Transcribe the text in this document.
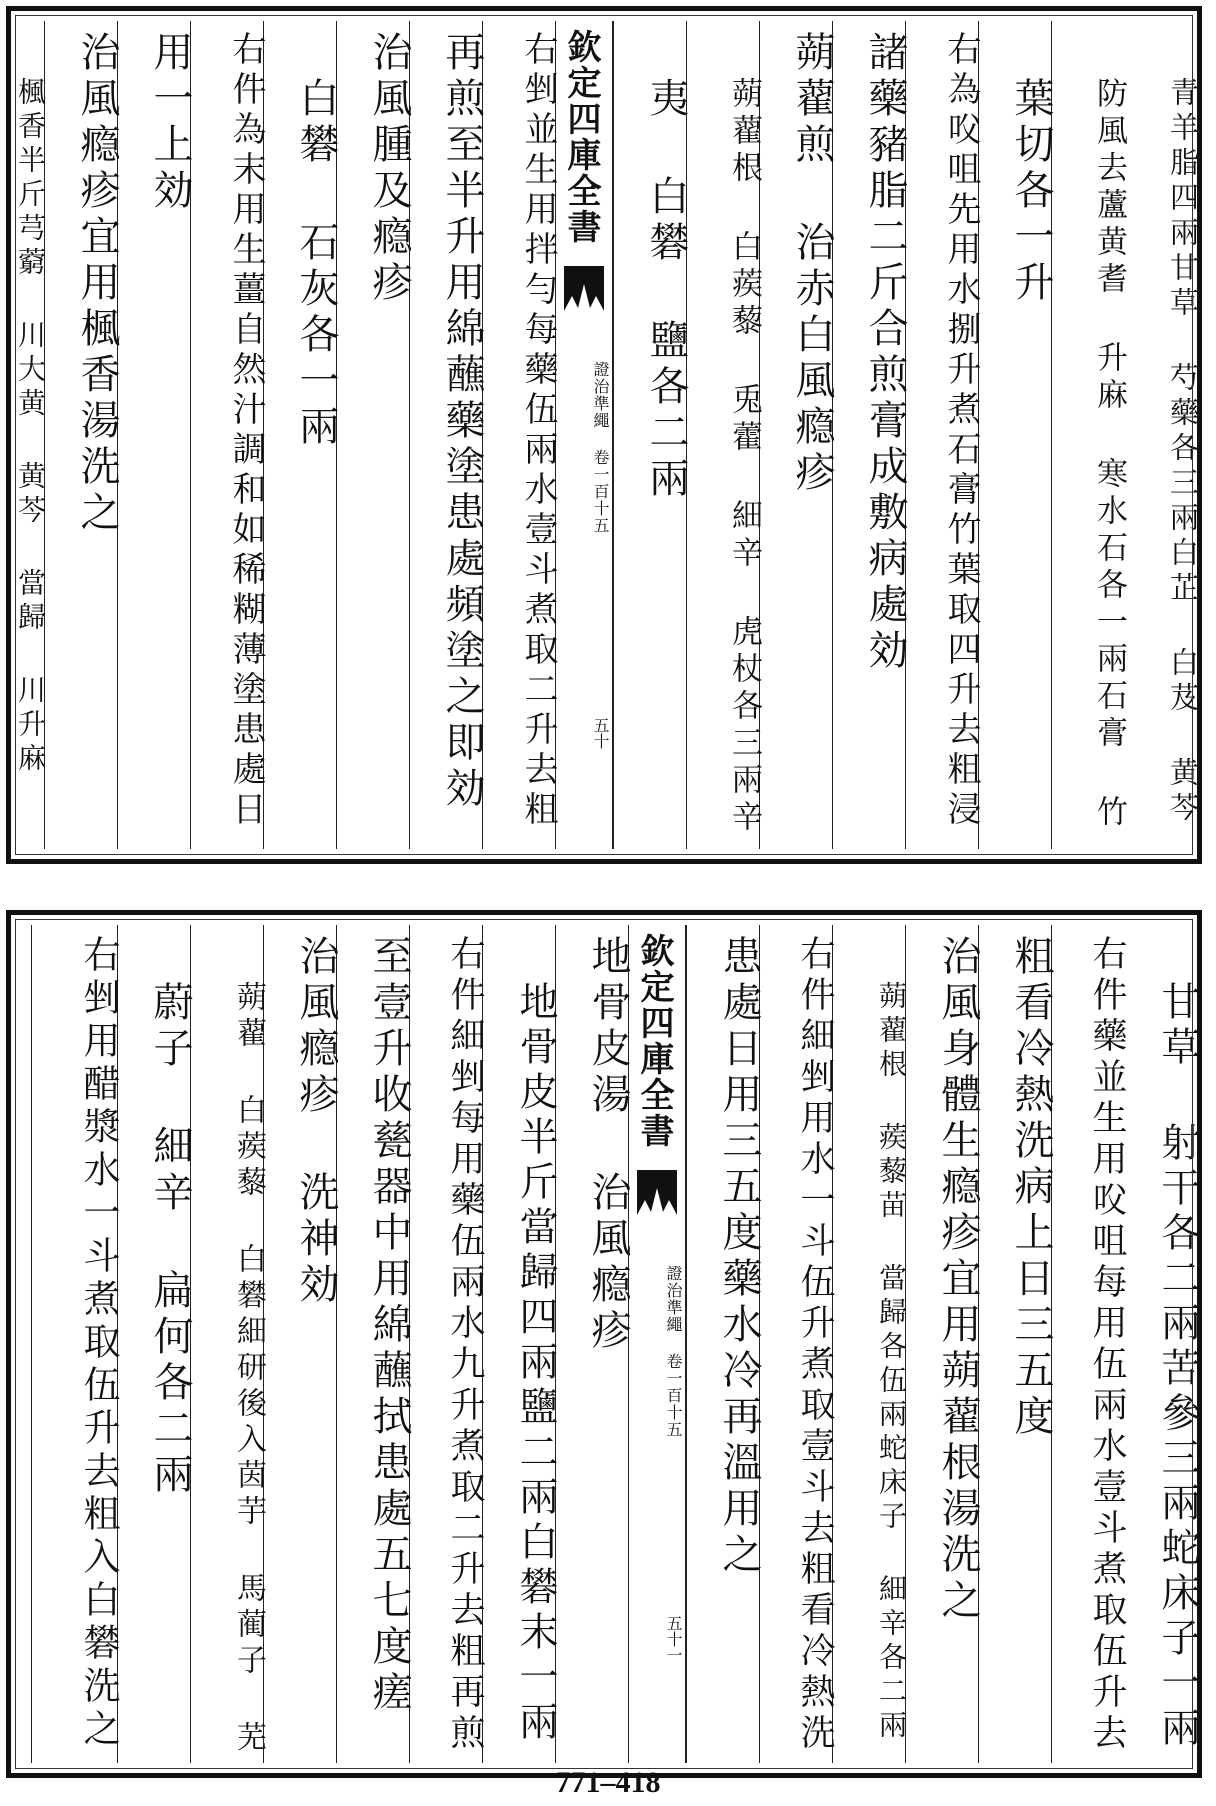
青羊脂四兩甘草 芍藥各三兩白芷 白芨 黄芩
防風去蘆黄耆 升麻 寒水石各一兩石膏 竹
葉切各一升
右為㕮咀先用水捌升煮石膏竹葉取四升去粗浸
諸藥豬脂二斤合煎膏成敷病處効
蒴藋煎 治赤白風瘾疹
蒴藋根 白蒺藜 兎藿 細辛 虎杖各三兩辛
夷 白礬 鹽各二兩
欽定四庫全書
證治準繩 卷一百十五
五十
右剉並生用拌勻每藥伍兩水壹斗煮取二升去粗
再煎至半升用綿蘸藥塗患處頻塗之即効
治風腫及瘾疹
白礬 石灰各一兩
右件為末用生薑自然汁調和如稀糊薄塗患處日
用一上効
治風瘾疹宜用楓香湯洗之
楓香半斤芎藭 川大黄 黄芩 當歸 川升麻
甘草 射干各二兩苦參三兩蛇床子一兩
右件藥並生用㕮咀每用伍兩水壹斗煮取伍升去
粗看冷熱洗病上日三五度
治風身體生瘾疹宜用蒴藋根湯洗之
蒴藋根 蒺藜苗 當歸各伍兩蛇床子 細辛各二兩
右件細剉用水一斗伍升煮取壹斗去粗看冷熱洗
患處日用三五度藥水冷再溫用之
欽定四庫全書
證治準繩 卷一百十五
五十一
地骨皮湯 治風瘾疹
地骨皮半斤當歸四兩鹽二兩白礬末一兩
右件細剉每用藥伍兩水九升煮取二升去粗再煎
至壹升收甆器中用綿蘸拭患處五七度瘥
治風瘾疹 洗神効
蒴藋 白蒺藜 白礬細研後入茵芋 馬蔺子 芜
蔚子 細辛 扁何各二兩
右剉用醋漿水一斗煮取伍升去粗入白礬洗之
771–418
